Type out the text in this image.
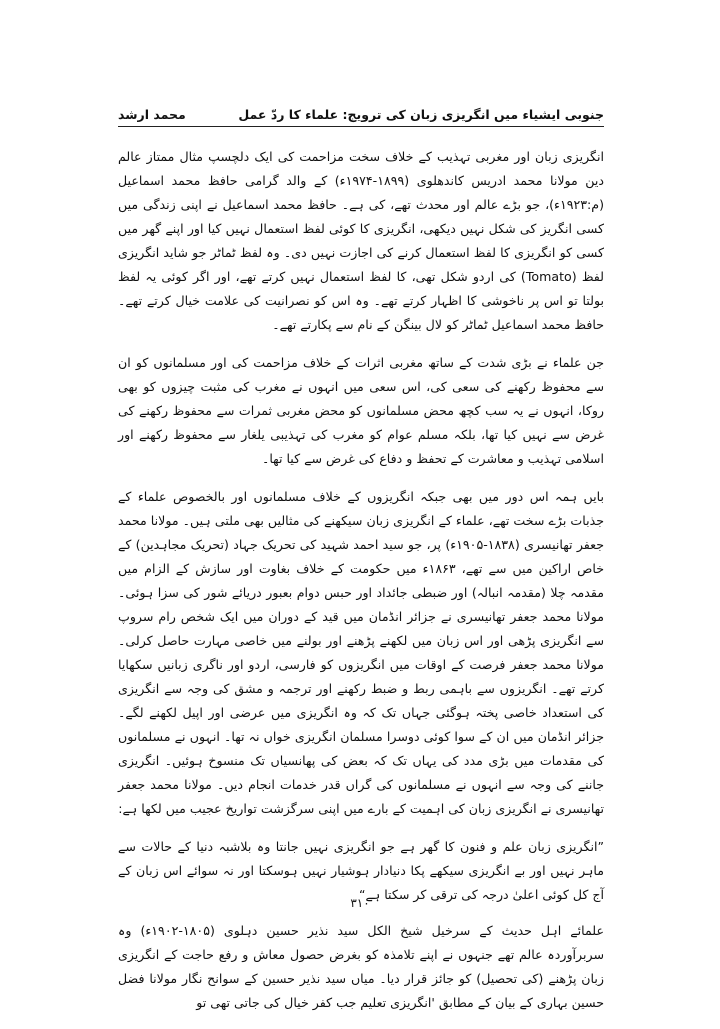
جنوبی ایشیاء میں انگریزی زبان کی ترویج: علماء کا ردّ عمل
محمد ارشد

انگریزی زبان اور مغربی تہذیب کے خلاف سخت مزاحمت کی ایک دلچسپ مثال ممتاز عالم دین مولانا محمد ادریس کاندھلوی (۱۸۹۹-۱۹۷۴ء) کے والد گرامی حافظ محمد اسماعیل (م:۱۹۲۳ء)، جو بڑے عالم اور محدث تھے، کی ہے۔ حافظ محمد اسماعیل نے اپنی زندگی میں کسی انگریز کی شکل نہیں دیکھی، انگریزی کا کوئی لفظ استعمال نہیں کیا اور اپنے گھر میں کسی کو انگریزی کا لفظ استعمال کرنے کی اجازت نہیں دی۔ وہ لفظ ٹماٹر جو شاید انگریزی لفظ (Tomato) کی اردو شکل تھی، کا لفظ استعمال نہیں کرتے تھے، اور اگر کوئی یہ لفظ بولتا تو اس پر ناخوشی کا اظہار کرتے تھے۔ وہ اس کو نصرانیت کی علامت خیال کرتے تھے۔ حافظ محمد اسماعیل ٹماٹر کو لال بینگن کے نام سے پکارتے تھے۔

جن علماء نے بڑی شدت کے ساتھ مغربی اثرات کے خلاف مزاحمت کی اور مسلمانوں کو ان سے محفوظ رکھنے کی سعی کی، اس سعی میں انہوں نے مغرب کی مثبت چیزوں کو بھی روکا، انہوں نے یہ سب کچھ محض مسلمانوں کو محض مغربی ثمرات سے محفوظ رکھنے کی غرض سے نہیں کیا تھا، بلکہ مسلم عوام کو مغرب کی تہذیبی یلغار سے محفوظ رکھنے اور اسلامی تہذیب و معاشرت کے تحفظ و دفاع کی غرض سے کیا تھا۔

بایں ہمہ اس دور میں بھی جبکہ انگریزوں کے خلاف مسلمانوں اور بالخصوص علماء کے جذبات بڑے سخت تھے، علماء کے انگریزی زبان سیکھنے کی مثالیں بھی ملتی ہیں۔ مولانا محمد جعفر تھانیسری (۱۸۳۸-۱۹۰۵ء) پر، جو سید احمد شہید کی تحریک جہاد (تحریک مجاہدین) کے خاص اراکین میں سے تھے، ۱۸۶۳ء میں حکومت کے خلاف بغاوت اور سازش کے الزام میں مقدمہ چلا (مقدمہ انبالہ) اور ضبطی جائداد اور حبس دوام بعبور دریائے شور کی سزا ہوئی۔ مولانا محمد جعفر تھانیسری نے جزائر انڈمان میں قید کے دوران میں ایک شخص رام سروپ سے انگریزی پڑھی اور اس زبان میں لکھنے پڑھنے اور بولنے میں خاصی مہارت حاصل کرلی۔ مولانا محمد جعفر فرصت کے اوقات میں انگریزوں کو فارسی، اردو اور ناگری زبانیں سکھایا کرتے تھے۔ انگریزوں سے باہمی ربط و ضبط رکھنے اور ترجمہ و مشق کی وجہ سے انگریزی کی استعداد خاصی پختہ ہوگئی جہاں تک کہ وہ انگریزی میں عرضی اور اپیل لکھنے لگے۔ جزائر انڈمان میں ان کے سوا کوئی دوسرا مسلمان انگریزی خواں نہ تھا۔ انہوں نے مسلمانوں کی مقدمات میں بڑی مدد کی یہاں تک کہ بعض کی پھانسیاں تک منسوخ ہوئیں۔ انگریزی جاننے کی وجہ سے انہوں نے مسلمانوں کی گراں قدر خدمات انجام دیں۔ مولانا محمد جعفر تھانیسری نے انگریزی زبان کی اہمیت کے بارے میں اپنی سرگزشت تواریخ عجیب میں لکھا ہے:

”انگریزی زبان علم و فنون کا گھر ہے جو انگریزی نہیں جانتا وہ بلاشبہ دنیا کے حالات سے ماہر نہیں اور بے انگریزی سیکھے پکا دنیادار ہوشیار نہیں ہوسکتا اور نہ سوائے اس زبان کے آج کل کوئی اعلیٰ درجہ کی ترقی کر سکتا ہے“

علمائے اہل حدیث کے سرخیل شیخ الکل سید نذیر حسین دہلوی (۱۸۰۵-۱۹۰۲ء) وہ سربرآوردہ عالم تھے جنہوں نے اپنے تلامذہ کو بغرض حصول معاش و رفع حاجت کے انگریزی زبان پڑھنے (کی تحصیل) کو جائز قرار دیا۔ میاں سید نذیر حسین کے سوانح نگار مولانا فضل حسین بہاری کے بیان کے مطابق 'انگریزی تعلیم جب کفر خیال کی جاتی تھی تو

۳۱۰
